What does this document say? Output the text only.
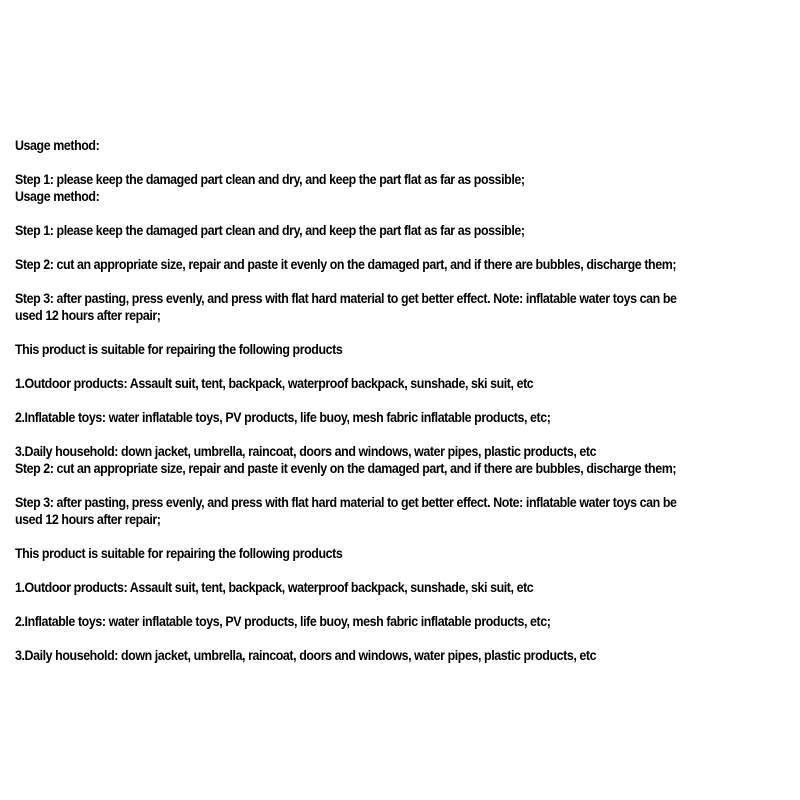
Usage method:
Step 1: please keep the damaged part clean and dry, and keep the part flat as far as possible;
Usage method:
Step 1: please keep the damaged part clean and dry, and keep the part flat as far as possible;
Step 2: cut an appropriate size, repair and paste it evenly on the damaged part, and if there are bubbles, discharge them;
Step 3: after pasting, press evenly, and press with flat hard material to get better effect. Note: inflatable water toys can be
used 12 hours after repair;
This product is suitable for repairing the following products
1.Outdoor products: Assault suit, tent, backpack, waterproof backpack, sunshade, ski suit, etc
2.Inflatable toys: water inflatable toys, PV products, life buoy, mesh fabric inflatable products, etc;
3.Daily household: down jacket, umbrella, raincoat, doors and windows, water pipes, plastic products, etc
Step 2: cut an appropriate size, repair and paste it evenly on the damaged part, and if there are bubbles, discharge them;
Step 3: after pasting, press evenly, and press with flat hard material to get better effect. Note: inflatable water toys can be
used 12 hours after repair;
This product is suitable for repairing the following products
1.Outdoor products: Assault suit, tent, backpack, waterproof backpack, sunshade, ski suit, etc
2.Inflatable toys: water inflatable toys, PV products, life buoy, mesh fabric inflatable products, etc;
3.Daily household: down jacket, umbrella, raincoat, doors and windows, water pipes, plastic products, etc
